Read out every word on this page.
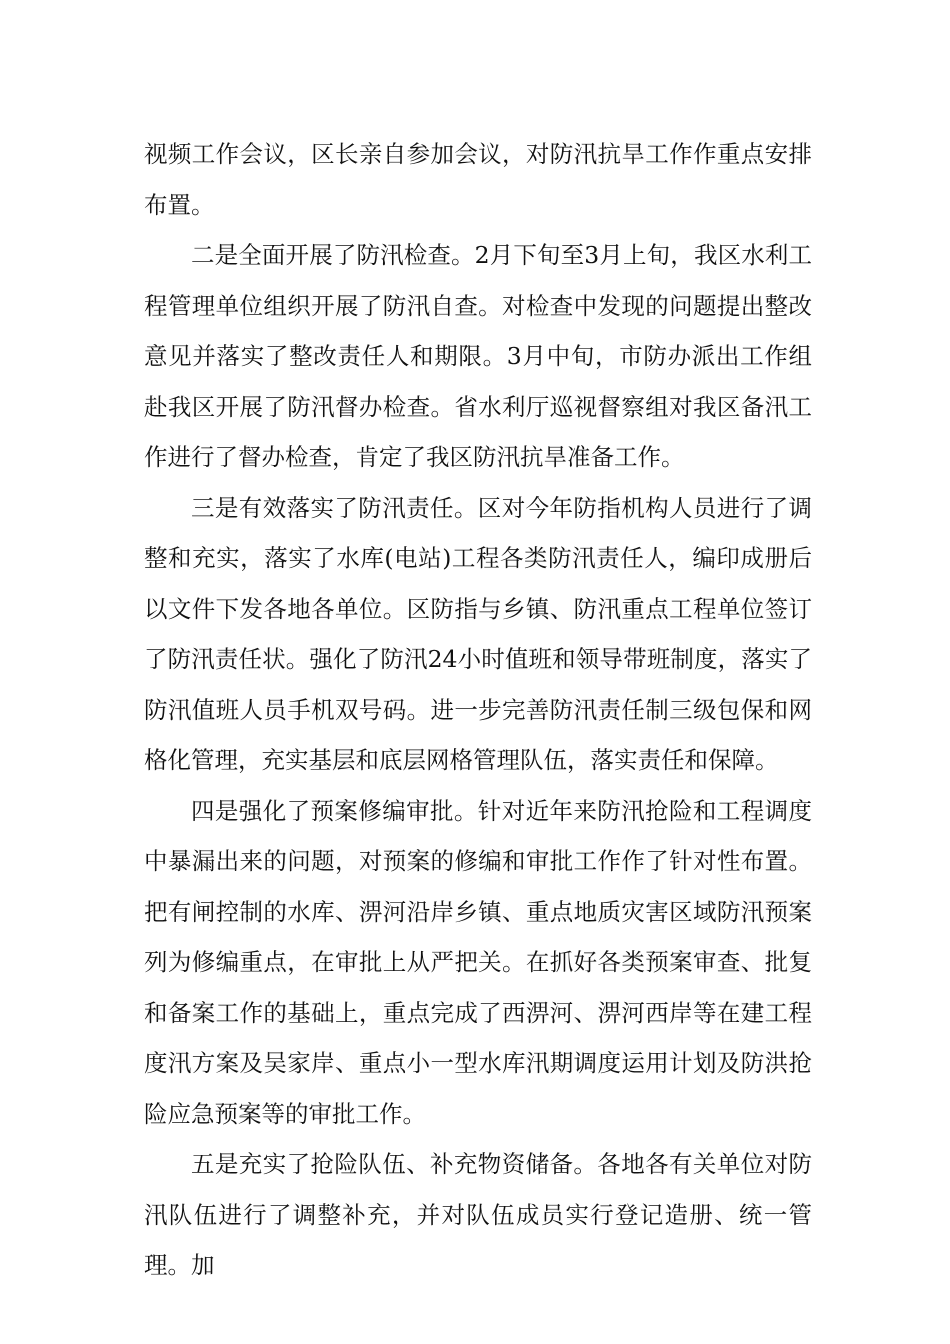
视频工作会议，区长亲自参加会议，对防汛抗旱工作作重点安排布置。

二是全面开展了防汛检查。2月下旬至3月上旬，我区水利工程管理单位组织开展了防汛自查。对检查中发现的问题提出整改意见并落实了整改责任人和期限。3月中旬，市防办派出工作组赴我区开展了防汛督办检查。省水利厅巡视督察组对我区备汛工作进行了督办检查，肯定了我区防汛抗旱准备工作。

三是有效落实了防汛责任。区对今年防指机构人员进行了调整和充实，落实了水库(电站)工程各类防汛责任人，编印成册后以文件下发各地各单位。区防指与乡镇、防汛重点工程单位签订了防汛责任状。强化了防汛24小时值班和领导带班制度，落实了防汛值班人员手机双号码。进一步完善防汛责任制三级包保和网格化管理，充实基层和底层网格管理队伍，落实责任和保障。

四是强化了预案修编审批。针对近年来防汛抢险和工程调度中暴漏出来的问题，对预案的修编和审批工作作了针对性布置。把有闸控制的水库、淠河沿岸乡镇、重点地质灾害区域防汛预案列为修编重点，在审批上从严把关。在抓好各类预案审查、批复和备案工作的基础上，重点完成了西淠河、淠河西岸等在建工程度汛方案及吴家岸、重点小一型水库汛期调度运用计划及防洪抢险应急预案等的审批工作。

五是充实了抢险队伍、补充物资储备。各地各有关单位对防汛队伍进行了调整补充，并对队伍成员实行登记造册、统一管理。加
